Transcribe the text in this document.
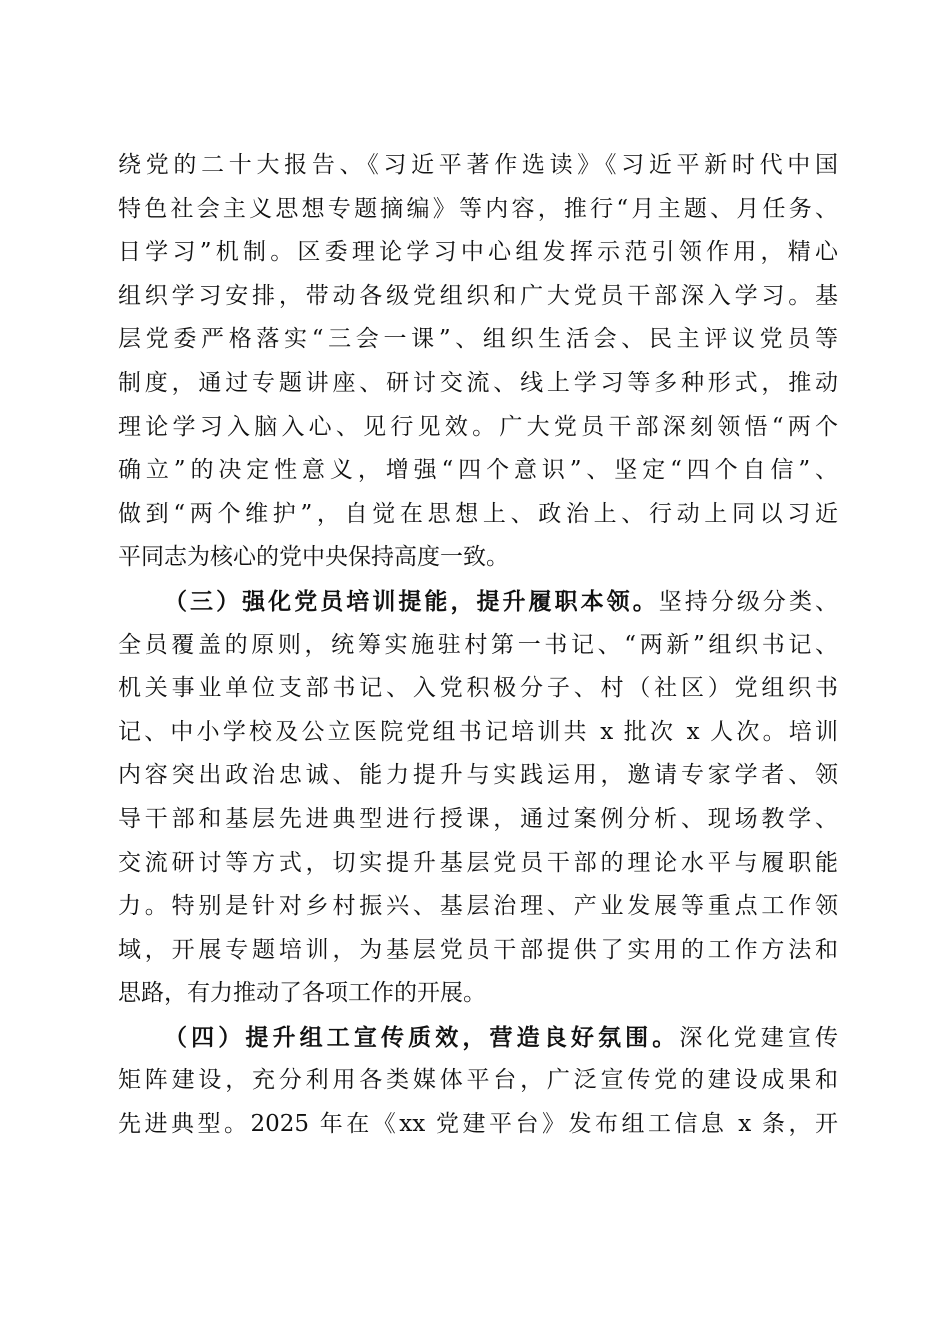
绕党的二十大报告、《习近平著作选读》《习近平新时代中国
特色社会主义思想专题摘编》等内容，推行“月主题、月任务、
日学习”机制。区委理论学习中心组发挥示范引领作用，精心
组织学习安排，带动各级党组织和广大党员干部深入学习。基
层党委严格落实“三会一课”、组织生活会、民主评议党员等
制度，通过专题讲座、研讨交流、线上学习等多种形式，推动
理论学习入脑入心、见行见效。广大党员干部深刻领悟“两个
确立”的决定性意义，增强“四个意识”、坚定“四个自信”、
做到“两个维护”，自觉在思想上、政治上、行动上同以习近
平同志为核心的党中央保持高度一致。
（三）强化党员培训提能，提升履职本领。坚持分级分类、
全员覆盖的原则，统筹实施驻村第一书记、“两新”组织书记、
机关事业单位支部书记、入党积极分子、村（社区）党组织书
记、中小学校及公立医院党组书记培训共 x 批次 x 人次。培训
内容突出政治忠诚、能力提升与实践运用，邀请专家学者、领
导干部和基层先进典型进行授课，通过案例分析、现场教学、
交流研讨等方式，切实提升基层党员干部的理论水平与履职能
力。特别是针对乡村振兴、基层治理、产业发展等重点工作领
域，开展专题培训，为基层党员干部提供了实用的工作方法和
思路，有力推动了各项工作的开展。
（四）提升组工宣传质效，营造良好氛围。深化党建宣传
矩阵建设，充分利用各类媒体平台，广泛宣传党的建设成果和
先进典型。2025 年在《xx 党建平台》发布组工信息 x 条，开
